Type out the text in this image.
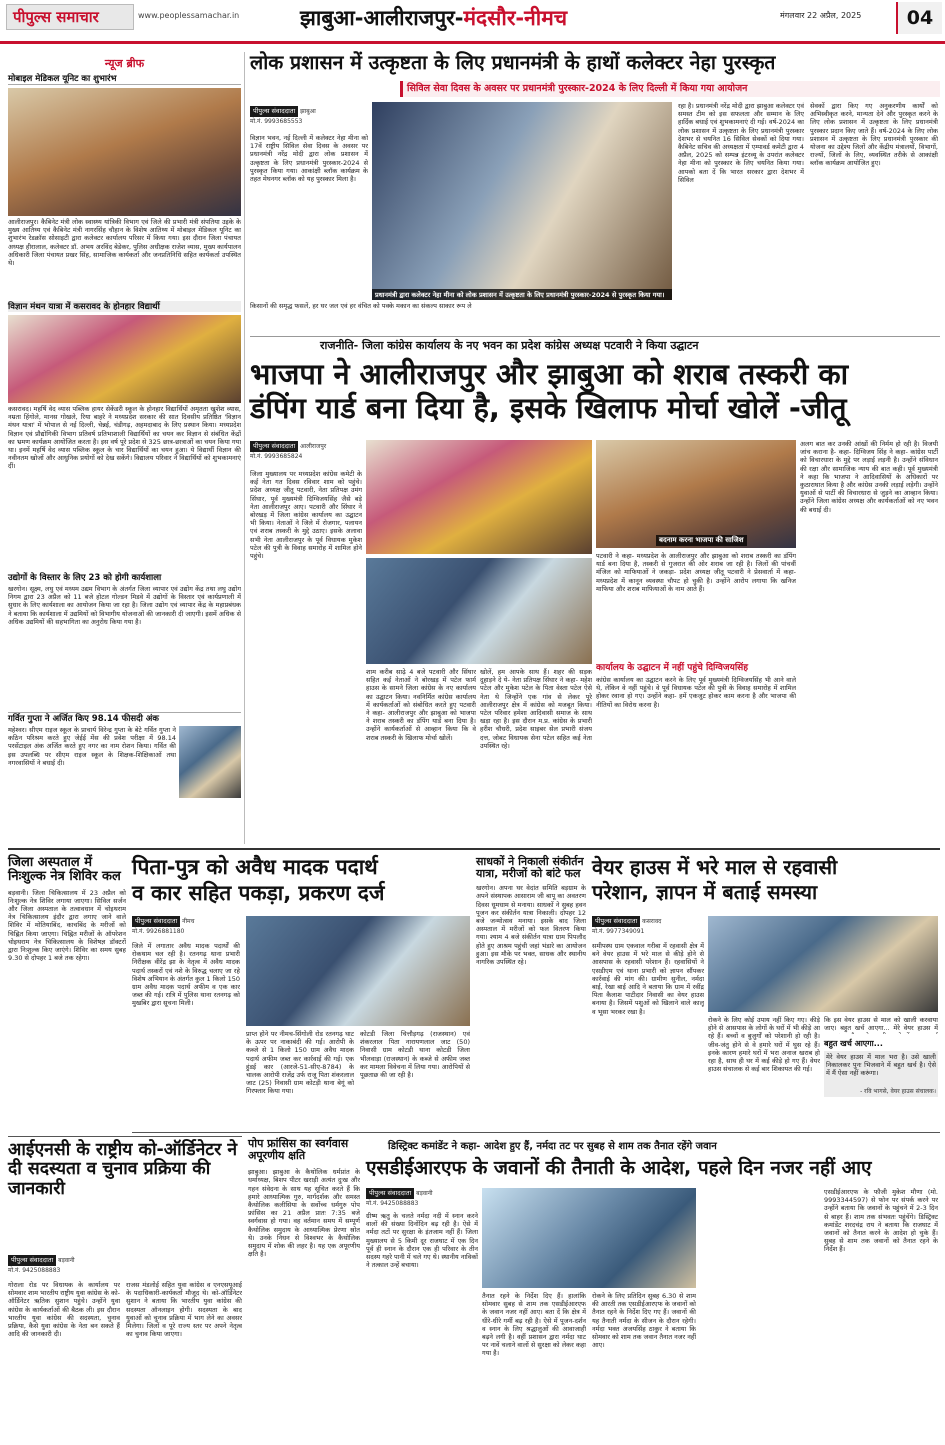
पीपुल्स समाचार	www.peoplessamachar.in	झाबुआ-आलीराजपुर-मंदसौर-नीमच	मंगलवार 22 अप्रैल, 2025	04
न्यूज ब्रीफ
मोबाइल मेडिकल यूनिट का शुभारंभ
आलीराजपुर। कैबिनेट मंत्री लोक स्वास्थ्य यांत्रिकी विभाग एवं जिले की प्रभारी मंत्री संपतिया उइके के मुख्य आतिथ्य एवं कैबिनेट मंत्री नागरसिंह चौहान के विशेष आतिथ्य में मोबाइल मेडिकल यूनिट का शुभारंभ रेडक्रॉस सोसाइटी द्वारा कलेक्टर कार्यालय परिसर में किया गया। इस दौरान जिला पंचायत अध्यक्ष हीरालाल, कलेक्टर डॉ. अभय अरविंद बेडेकर, पुलिस अधीक्षक राजेश व्यास, मुख्य कार्यपालन अधिकारी जिला पंचायत प्रखर सिंह, सामाजिक कार्यकर्ता और जनप्रतिनिधि सहित कार्यकर्ता उपस्थित थे।
विज्ञान मंथन यात्रा में कसरावद के होनहार विद्यार्थी
कसरावद। महर्षि वेद व्यास पब्लिक हायर सेकेंडरी स्कूल के होनहार विद्यार्थियों अमृतता खुशेश व्यास, नम्रता हिंगोले, मानस गोखले, रिया बाहरे ने मध्यप्रदेश सरकार की सात दिवसीय प्रतिष्ठित 'विज्ञान मंथन यात्रा' में भोपाल से नई दिल्ली, चेन्नई, चंडीगढ़, अहमदाबाद के लिए प्रस्थान किया। मध्यप्रदेश विज्ञान एवं प्रौद्योगिकी विभाग प्रतिवर्ष प्रतिभाशाली विद्यार्थियों का चयन कर विज्ञान से संबंधित केंद्रों का भ्रमण कार्यक्रम आयोजित करता है। इस वर्ष पूरे प्रदेश से 325 छात्र-छात्राओं का चयन किया गया था। इनमें महर्षि वेद व्यास पब्लिक स्कूल के चार विद्यार्थियों का चयन हुआ। ये विद्यार्थी विज्ञान की नवीनतम खोजों और आधुनिक प्रयोगों को देख सकेंगे। विद्यालय परिवार ने विद्यार्थियों को शुभकामनाएं दीं।
उद्योगों के विस्तार के लिए 23 को होगी कार्यशाला
खरगोन। सूक्ष्म, लघु एवं मध्यम उद्यम विभाग के अंतर्गत जिला व्यापार एवं उद्योग केंद्र तथा लघु उद्योग निगम द्वारा 23 अप्रैल को 11 बजे होटल गोल्डन मिडवे में उद्योगों के विस्तार एवं कार्यप्रणाली में सुधार के लिए कार्यशाला का आयोजन किया जा रहा है। जिला उद्योग एवं व्यापार केंद्र के महाप्रबंधक ने बताया कि कार्यशाला में उद्यमियों को विभागीय योजनाओं की जानकारी दी जाएगी। इसमें अधिक से अधिक उद्यमियों की सहभागिता का अनुरोध किया गया है।
गर्वित गुप्ता ने अर्जित किए 98.14 फीसदी अंक
महेश्वर। सीएम राइज स्कूल के प्राचार्य विरेन्द्र गुप्ता के बेटे गर्वित गुप्ता ने कठिन परिश्रम करते हुए जेईई मेंस की प्रवेश परीक्षा में 98.14 परसेंटाइल अंक अर्जित करते हुए नगर का नाम रोशन किया। गर्वित की इस उपलब्धि पर सीएम राइज स्कूल के शिक्षक-शिक्षिकाओं तथा नगरवासियों ने बधाई दी।
लोक प्रशासन में उत्कृष्टता के लिए प्रधानमंत्री के हाथों कलेक्टर नेहा पुरस्कृत
सिविल सेवा दिवस के अवसर पर प्रधानमंत्री पुरस्कार-2024 के लिए दिल्ली में किया गया आयोजन
पीपुल्स संवाददाता झाबुआ
मो.नं. 9993685553
विज्ञान भवन, नई दिल्ली में कलेक्टर नेहा मीना को 17वें राष्ट्रीय सिविल सेवा दिवस के अवसर पर प्रधानमंत्री नरेंद्र मोदी द्वारा लोक प्रशासन में उत्कृष्टता के लिए प्रधानमंत्री पुरस्कार-2024 से पुरस्कृत किया गया। आकांक्षी ब्लॉक कार्यक्रम के तहत मेघनगर ब्लॉक को यह पुरस्कार मिला है।
प्रधानमंत्री द्वारा कलेक्टर नेहा मीना को लोक प्रशासन में उत्कृष्टता के लिए प्रधानमंत्री पुरस्कार-2024 से पुरस्कृत किया गया।
रहा है। प्रधानमंत्री नरेंद्र मोदी द्वारा झाबुआ कलेक्टर एवं समस्त टीम को इस सफलता और सम्मान के लिए हार्दिक बधाई एवं शुभकामनाएं दी गई। वर्ष-2024 का लोक प्रशासन में उत्कृष्टता के लिए प्रधानमंत्री पुरस्कार देशभर से चयनित 16 सिविल सेवकों को दिया गया। कैबिनेट सचिव की अध्यक्षता में एम्पावर्ड कमेटी द्वारा 4 अप्रैल, 2025 को सम्पन्न इंटरव्यू के उपरांत कलेक्टर नेहा मीना को पुरस्कार के लिए चयनित किया गया। आपको बता दें कि भारत सरकार द्वारा देशभर में सिविल
सेवकों द्वारा किए गए अनुकरणीय कार्यों को अभिस्वीकृत करने, मान्यता देने और पुरस्कृत करने के लिए लोक प्रशासन में उत्कृष्टता के लिए प्रधानमंत्री पुरस्कार प्रदान किए जाते हैं। वर्ष-2024 के लिए लोक प्रशासन में उत्कृष्टता के लिए प्रधानमंत्री पुरस्कार की योजना का उद्देश्य जिलों और केंद्रीय मंत्रालयों, विभागों, राज्यों, जिलों के लिए, व्यवस्थित तरीके से आकांक्षी ब्लॉक कार्यक्रम आयोजित हुए।
किसानों की समृद्ध फसलें, हर घर जल एवं हर वंचित को पक्के मकान का संकल्प साकार रूप ले
राजनीति- जिला कांग्रेस कार्यालय के नए भवन का प्रदेश कांग्रेस अध्यक्ष पटवारी ने किया उद्घाटन
भाजपा ने आलीराजपुर और झाबुआ को शराब तस्करी का
डंपिंग यार्ड बना दिया है, इसके खिलाफ मोर्चा खोलें -जीतू
पीपुल्स संवाददाता आलीराजपुर
मो.नं. 9993685824
जिला मुख्यालय पर मध्यप्रदेश कांग्रेस कमेटी के कई नेता गत दिवस रविवार शाम को पहुंचे। प्रदेश अध्यक्ष जीतू पटवारी, नेता प्रतिपक्ष उमंग सिंघार, पूर्व मुख्यमंत्री दिग्विजयसिंह जैसे बड़े नेता आलीराजपुर आए। पटवारी और सिंघार ने बोरखड़ में जिला कांग्रेस कार्यालय का उद्घाटन भी किया। नेताओं ने जिले में रोजगार, पलायन एवं शराब तस्करी के मुद्दे उठाए। इसके अलावा सभी नेता आलीराजपुर के पूर्व विधायक मुकेश पटेल की पुत्री के विवाह समारोह में शामिल होने पहुंचे।
शाम करीब साढ़े 4 बजे पटवारी और सिंघार सहित कई नेताओं ने बोरखड़ में पटेल फार्म हाउस के सामने जिला कांग्रेस के नए कार्यालय का उद्घाटन किया। नवनिर्मित कांग्रेस कार्यालय में कार्यकर्ताओं को संबोधित करते हुए पटवारी ने कहा- आलीराजपुर और झाबुआ को भाजपा ने शराब तस्करी का डंपिंग यार्ड बना दिया है। उन्होंने कार्यकर्ताओं से आव्हान किया कि वे शराब तस्करी के खिलाफ मोर्चा खोलें।
खोलें, हम आपके साथ हैं। शहर की सड़क दुहाड़ने दे ये- नेता प्रतिपक्ष सिंघार ने कहा- महेश पटेल और मुकेश पटेल के पिता वेस्ता पटेल ऐसे नेता थे जिन्होंने एक गांव से लेकर पूरे आलीराजपुर क्षेत्र में कांग्रेस को मजबूत किया। पटेल परिवार हमेशा आदिवासी समाज के साथ खड़ा रहा है। इस दौरान म.प्र. कांग्रेस के प्रभारी हरीश चौधरी, प्रदेश साइबर सेल प्रभारी संजय दत्त, जोबट विधायक सेना पटेल सहित कई नेता उपस्थित रहे।
बदनाम करना भाजपा की साजिश
पटवारी ने कहा- मध्यप्रदेश के आलीराजपुर और झाबुआ को शराब तस्करी का डंपिंग यार्ड बना दिया है, तस्करी से गुजरात की ओर शराब जा रही है। जिलों की पांचवीं मंजिल को माफियाओं ने जकड़ा- प्रदेश अध्यक्ष जीतू पटवारी ने प्रेसवार्ता में कहा- मध्यप्रदेश में कानून व्यवस्था चौपट हो चुकी है। उन्होंने आरोप लगाया कि खनिज माफिया और शराब माफियाओं के नाम आते हैं।
कार्यालय के उद्घाटन में नहीं पहुंचे दिग्विजयसिंह
कांग्रेस कार्यालय का उद्घाटन करने के लिए पूर्व मुख्यमंत्री दिग्विजयसिंह भी आने वाले थे, लेकिन वे नहीं पहुंचे। वे पूर्व विधायक पटेल की पुत्री के विवाह समारोह में शामिल होकर रवाना हो गए। उन्होंने कहा- हमें एकजुट होकर काम करना है और भाजपा की नीतियों का विरोध करना है।
अलग बात कर उनकी आंखों की निर्मम हो रही है। विजयी जांच कराना है- कहा- दिग्विजय सिंह ने कहा- कांग्रेस पार्टी को विचारधारा के मुद्दे पर लड़ाई लड़नी है। उन्होंने संविधान की रक्षा और सामाजिक न्याय की बात कही। पूर्व मुख्यमंत्री ने कहा कि भाजपा ने आदिवासियों के अधिकारों पर कुठाराघात किया है और कांग्रेस उनकी लड़ाई लड़ेगी। उन्होंने युवाओं से पार्टी की विचारधारा से जुड़ने का आव्हान किया। उन्होंने जिला कांग्रेस अध्यक्ष और कार्यकर्ताओं को नए भवन की बधाई दी।
जिला अस्पताल में निःशुल्क नेत्र शिविर कल
बड़वानी। जिला चिकित्सालय में 23 अप्रैल को निःशुल्क नेत्र शिविर लगाया जाएगा। सिविल सर्जन और जिला अस्पताल के तत्वावधान में चोइथराम नेत्र चिकित्सालय इंदौर द्वारा लगाए जाने वाले शिविर में मोतियाबिंद, काचबिंद के मरीजों को चिह्नित किया जाएगा। चिह्नित मरीजों के ऑपरेशन चोइथराम नेत्र चिकित्सालय के विशेषज्ञ डॉक्टरों द्वारा निःशुल्क किए जाएंगे। शिविर का समय सुबह 9.30 से दोपहर 1 बजे तक रहेगा।
पिता-पुत्र को अवैध मादक पदार्थ
व कार सहित पकड़ा, प्रकरण दर्ज
पीपुल्स संवाददाता नीमच
मो.नं. 9926881180
जिले में लगातार अवैध मादक पदार्थों की रोकथाम चल रही है। रतनगढ़ थाना प्रभारी निरीक्षक वीरेंद्र झा के नेतृत्व में अवैध मादक पदार्थ तस्करों एवं नशे के विरुद्ध चलाए जा रहे विशेष अभियान के अंतर्गत कुल 1 किलो 150 ग्राम अवैध मादक पदार्थ अफीम व एक कार जब्त की गई। रात्रि में पुलिस थाना रतनगढ़ को मुखबिर द्वारा सूचना मिली।
प्राप्त होने पर नीमच-सिंगोली रोड रतनगढ़ घाट के ऊपर पर नाकाबंदी की गई। आरोपी के कब्जे से 1 किलो 150 ग्राम अवैध मादक पदार्थ अफीम जब्त कर कार्रवाई की गई। एक हुंडई कार (आरजे-51-सीए-8784) के चालक आरोपी राजेंद्र उर्फ राजू पिता शंकरलाल जाट (25) निवासी ग्राम कोटड़ी थाना बेगूं को गिरफ्तार किया गया।
कोटडी जिला चित्तौड़गढ़ (राजस्थान) एवं शंकरलाल पिता नारायणलाल जाट (50) निवासी ग्राम कोटडी थाना कोटडी जिला भीलवाड़ा (राजस्थान) के कब्जे से अफीम जब्त कर मामला विवेचना में लिया गया। आरोपियों से पूछताछ की जा रही है।
साधकों ने निकाली संकीर्तन यात्रा, मरीजों को बांटे फल
खरगोन। अपना घर वेदांत समिति बड़ग्राम के अपने संस्थापक आसाराम जी बापू का अवतरण दिवस धूमधाम से मनाया। साधकों ने सुबह हवन पूजन कर संकीर्तन यात्रा निकाली। दोपहर 12 बजे जन्मोत्सव मनाया। इसके बाद जिला अस्पताल में मरीजों को फल वितरण किया गया। श्याम 4 बजे संकीर्तन यात्रा ग्राम पिपलौद होते हुए आश्रम पहुंची जहां भंडारे का आयोजन हुआ। इस मौके पर भक्त, साधक और स्थानीय नागरिक उपस्थित रहे।
वेयर हाउस में भरे माल से रहवासी
परेशान, ज्ञापन में बताई समस्या
पीपुल्स संवाददाता कसरावद
मो.नं. 9977349091
समीपस्थ ग्राम एकवाल गरीबा में रहवासी क्षेत्र में बने वेयर हाउस में भरे माल से कीड़े होने से आसपास के रहवासी परेशान हैं। रहवासियों ने एसडीएम एवं थाना प्रभारी को ज्ञापन सौंपकर कार्रवाई की मांग की। ग्रामीण सुनील, नर्मदा बाई, रेखा बाई आदि ने बताया कि ग्राम में रवींद्र पिता कैलाश पाटीदार निवासी का वेयर हाउस बनाया है। जिसमें पशुओं को खिलाने वाले कालू व भूसा भरकर रखा है।
रोकने के लिए कोई उपाय नहीं किए गए। कीड़े होने से आसपास के लोगों के घरों में भी कीड़े आ रहे हैं। बच्चों व बुजुर्गों को परेशानी हो रही है। जीव-जंतु होने से वे हमारे घरों में घुस रहे हैं। इनके कारण हमारे घरों में भरा अनाज खराब हो रहा है, साथ ही घर में कई कीड़े हो गए हैं। वेयर हाउस संचालक से कई बार शिकायत की गई।
कि इस वेयर हाउस से माल को खाली करवाया जाए। बहुत खर्च आएगा... मेरे वेयर हाउस में
बहुत खर्च आएगा...
मेरे वेयर हाउस में माल भरा है। उसे खाली निकालकर पुनः भिजवाने में बहुत खर्च है। ऐसे में मैं ऐसा नहीं करूंगा।
- रवि भागसे, वेयर हाउस संचालक।
आईएनसी के राष्ट्रीय को-ऑर्डिनेटर ने दी सदस्यता व चुनाव प्रक्रिया की जानकारी
पीपुल्स संवाददाता बड़वानी
मो.नं. 9425088883
गोराला रोड पर विधायक के कार्यालय पर सोमवार शाम भारतीय राष्ट्रीय युवा कांग्रेस के को-ऑर्डिनेटर ऋतिक सुशान पहुंचे। उन्होंने युवा कांग्रेस के कार्यकर्ताओं की बैठक ली। इस दौरान भारतीय युवा कांग्रेस की सदस्यता, चुनाव प्रक्रिया, कैसे युवा कांग्रेस के नेता बन सकते हैं आदि की जानकारी दी।
राजस मंडलोई सहित युवा कांग्रेस व एनएसयूआई के पदाधिकारी-कार्यकर्ता मौजूद थे। को-ऑर्डिनेटर सुशान ने बताया कि भारतीय युवा कांग्रेस की सदस्यता ऑनलाइन होगी। सदस्यता के बाद युवाओं को चुनाव प्रक्रिया में भाग लेने का अवसर मिलेगा। जिलों व पूरे राज्य स्तर पर अपने नेतृत्व का चुनाव किया जाएगा।
पोप फ्रांसिस का स्वर्गवास अपूरणीय क्षति
झाबुआ। झाबुआ के कैथोलिक धर्मप्रांत के धर्माध्यक्ष, बिशप पीटर खराड़ी अत्यंत दुःख और गहन संवेदना के साथ यह सूचित करते हैं कि हमारे आध्यात्मिक गुरु, मार्गदर्शक और समस्त कैथोलिक कलीसिया के सर्वोच्च धर्मगुरु पोप फ्रांसिस का 21 अप्रैल प्रातः 7:35 बजे स्वर्गवास हो गया। वह वर्तमान समय में सम्पूर्ण कैथोलिक समुदाय के आध्यात्मिक प्रेरणा स्रोत थे। उनके निधन से विश्वभर के कैथोलिक समुदाय में शोक की लहर है। यह एक अपूरणीय क्षति है।
डिस्ट्रिक्ट कमांडेंट ने कहा- आदेश हुए हैं, नर्मदा तट पर सुबह से शाम तक तैनात रहेंगे जवान
एसडीईआरएफ के जवानों की तैनाती के आदेश, पहले दिन नजर नहीं आए
पीपुल्स संवाददाता बड़वानी
मो.नं. 9425088883
ग्रीष्म ऋतु के चलते नर्मदा नदी में स्नान करने वालों की संख्या दिनोंदिन बढ़ रही है। ऐसे में नर्मदा तटों पर सुरक्षा के इंतजाम नहीं हैं। जिला मुख्यालय से 5 किमी दूर राजघाट में एक दिन पूर्व ही स्नान के दौरान एक ही परिवार के तीन सदस्य गहरे पानी में चले गए थे। स्थानीय नाविकों ने तत्काल उन्हें बचाया।
तैनात रहने के निर्देश दिए हैं। हालांकि सोमवार सुबह से शाम तक एसडीईआरएफ के जवान नजर नहीं आए। बता दें कि क्षेत्र में धीरे-धीरे गर्मी बढ़ रही है। ऐसे में पूजन-दर्शन व स्नान के लिए श्रद्धालुओं की आवाजाही बढ़ने लगी है। वहीं प्रशासन द्वारा नर्मदा घाट पर नावें चलाने वालों से सुरक्षा को लेकर कहा गया है।
रोकने के लिए प्रतिदिन सुबह 6.30 से शाम की आरती तक एसडीईआरएफ के जवानों को तैनात रहने के निर्देश दिए गए हैं। जवानों की यह तैनाती नर्मदा के सीजन के दौरान रहेगी। नर्मदा भक्त अजयसिंह ठाकुर ने बताया कि सोमवार को शाम तक जवान तैनात नजर नहीं आए।
एसडीईआरएफ के फौजी मुकेश मौणा (मो. 9993344597) से फोन पर संपर्क करने पर उन्होंने बताया कि जवानों के पहुंचने में 2-3 दिन से बाहर हैं। शाम तक संभवतः पहुंचेंगे। डिस्ट्रिक्ट कमांडेंट शरदचंद्र राय ने बताया कि राजघाट में जवानों को तैनात करने के आदेश हो चुके हैं। सुबह से शाम तक जवानों को तैनात रहने के निर्देश हैं।
